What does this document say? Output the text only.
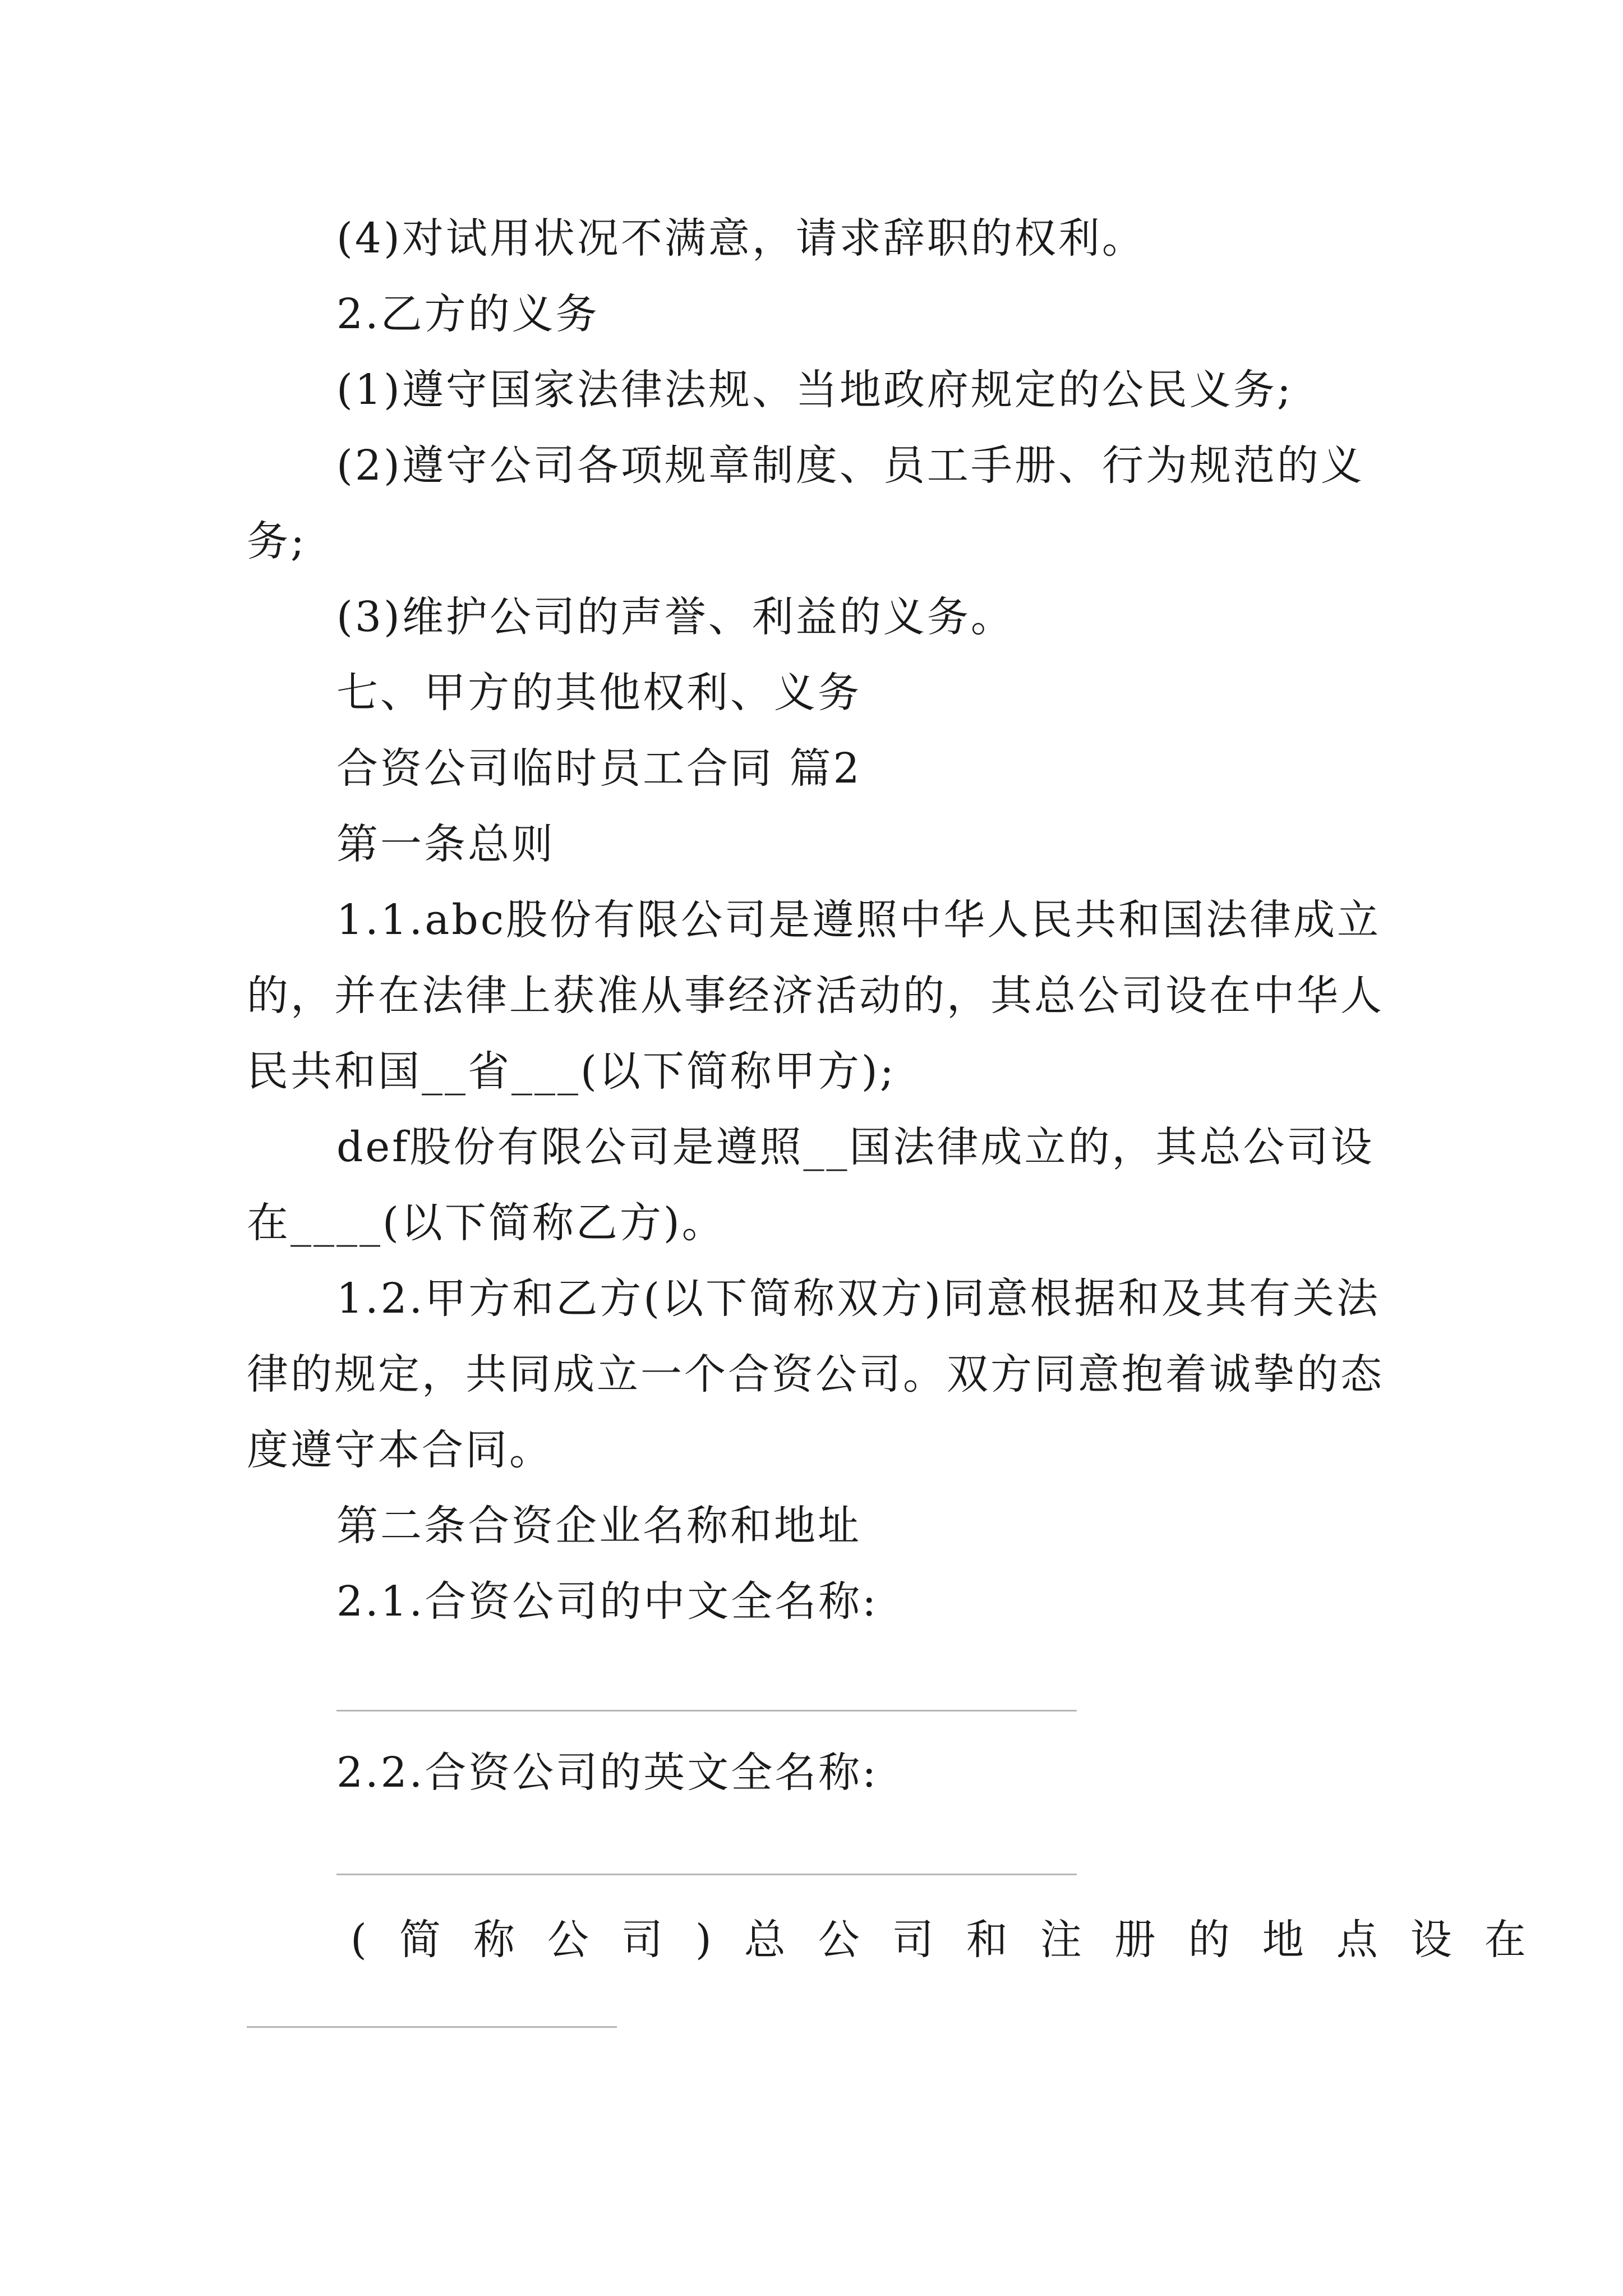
(4)对试用状况不满意，请求辞职的权利。
2.乙方的义务
(1)遵守国家法律法规、当地政府规定的公民义务;
(2)遵守公司各项规章制度、员工手册、行为规范的义
务;
(3)维护公司的声誉、利益的义务。
七、甲方的其他权利、义务
合资公司临时员工合同 篇2
第一条总则
1.1.abc股份有限公司是遵照中华人民共和国法律成立
的，并在法律上获准从事经济活动的，其总公司设在中华人
民共和国__省___(以下简称甲方);
def股份有限公司是遵照__国法律成立的，其总公司设
在____(以下简称乙方)。
1.2.甲方和乙方(以下简称双方)同意根据和及其有关法
律的规定，共同成立一个合资公司。双方同意抱着诚挚的态
度遵守本合同。
第二条合资企业名称和地址
2.1.合资公司的中文全名称:
2.2.合资公司的英文全名称:
(简称公司)总公司和注册的地点设在
